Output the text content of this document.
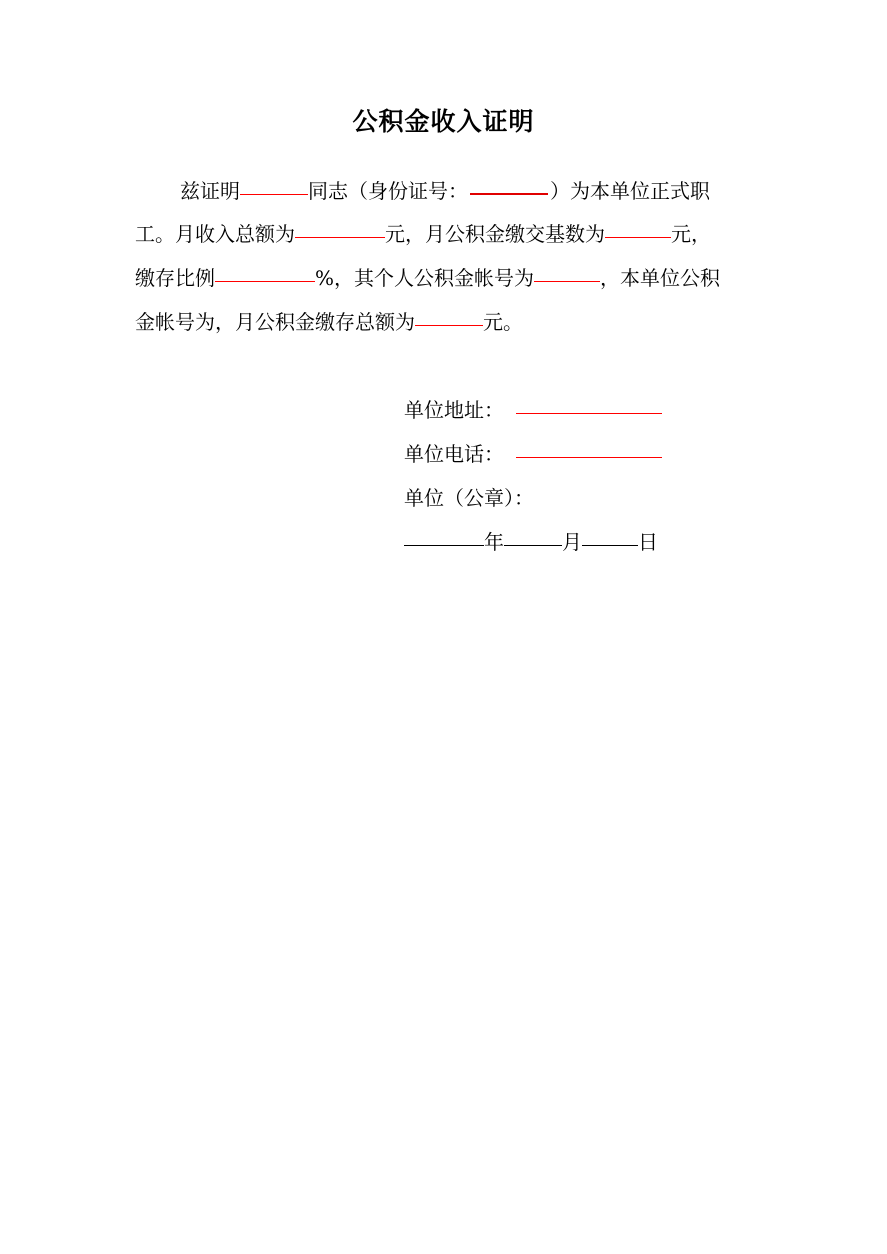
公积金收入证明
兹证明	同志（身份证号：	）为本单位正式职
工。月收入总额为	元，月公积金缴交基数为	元，
缴存比例	%，其个人公积金帐号为	，本单位公积
金帐号为，月公积金缴存总额为	元。
单位地址：
单位电话：
单位（公章）：
年	月	日
